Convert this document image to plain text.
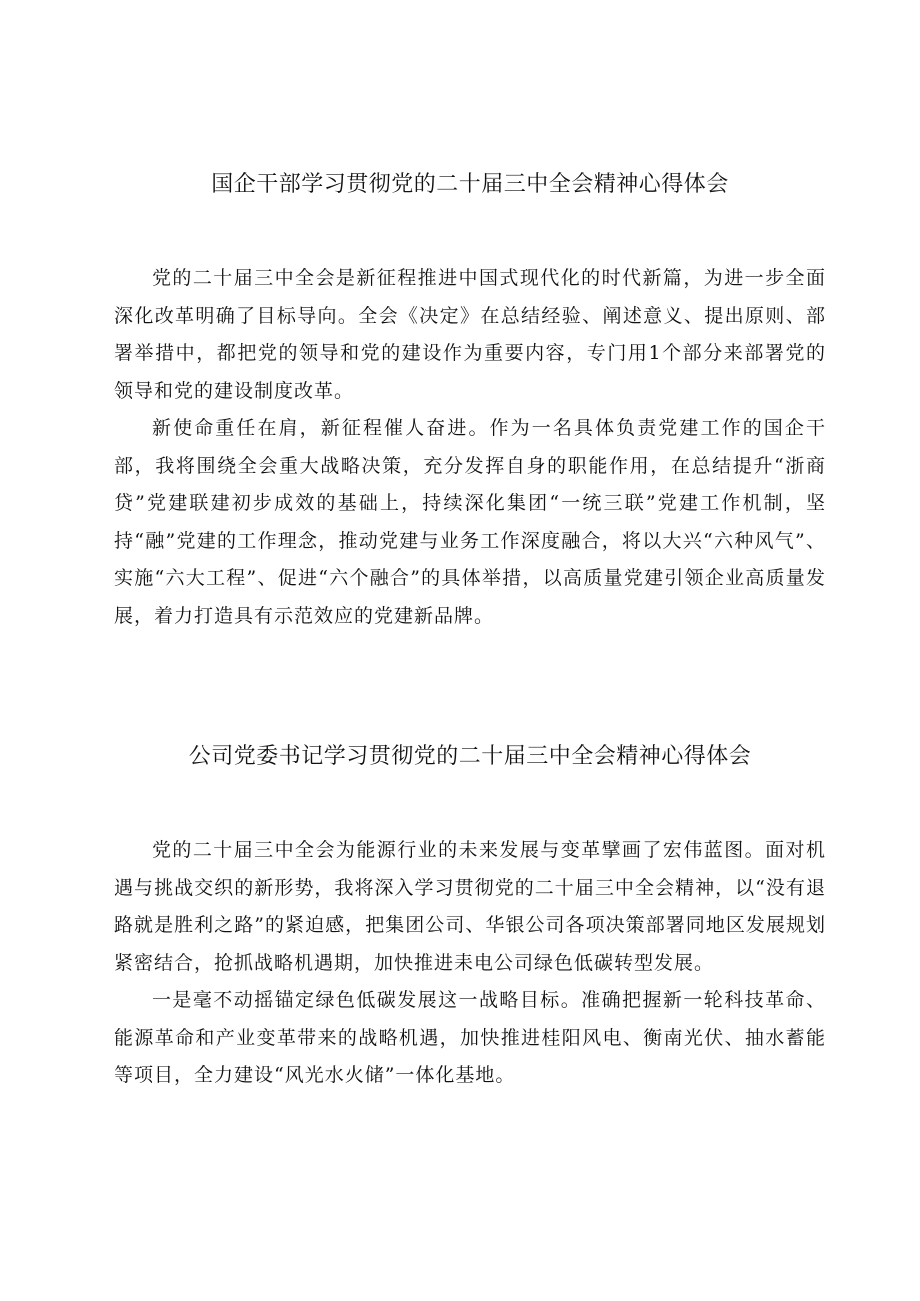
国企干部学习贯彻党的二十届三中全会精神心得体会

党的二十届三中全会是新征程推进中国式现代化的时代新篇，为进一步全面深化改革明确了目标导向。全会《决定》在总结经验、阐述意义、提出原则、部署举措中，都把党的领导和党的建设作为重要内容，专门用1个部分来部署党的领导和党的建设制度改革。

新使命重任在肩，新征程催人奋进。作为一名具体负责党建工作的国企干部，我将围绕全会重大战略决策，充分发挥自身的职能作用，在总结提升“浙商贷”党建联建初步成效的基础上，持续深化集团“一统三联”党建工作机制，坚持“融”党建的工作理念，推动党建与业务工作深度融合，将以大兴“六种风气”、实施“六大工程”、促进“六个融合”的具体举措，以高质量党建引领企业高质量发展，着力打造具有示范效应的党建新品牌。

公司党委书记学习贯彻党的二十届三中全会精神心得体会

党的二十届三中全会为能源行业的未来发展与变革擘画了宏伟蓝图。面对机遇与挑战交织的新形势，我将深入学习贯彻党的二十届三中全会精神，以“没有退路就是胜利之路”的紧迫感，把集团公司、华银公司各项决策部署同地区发展规划紧密结合，抢抓战略机遇期，加快推进耒电公司绿色低碳转型发展。

一是毫不动摇锚定绿色低碳发展这一战略目标。准确把握新一轮科技革命、能源革命和产业变革带来的战略机遇，加快推进桂阳风电、衡南光伏、抽水蓄能等项目，全力建设“风光水火储”一体化基地。
